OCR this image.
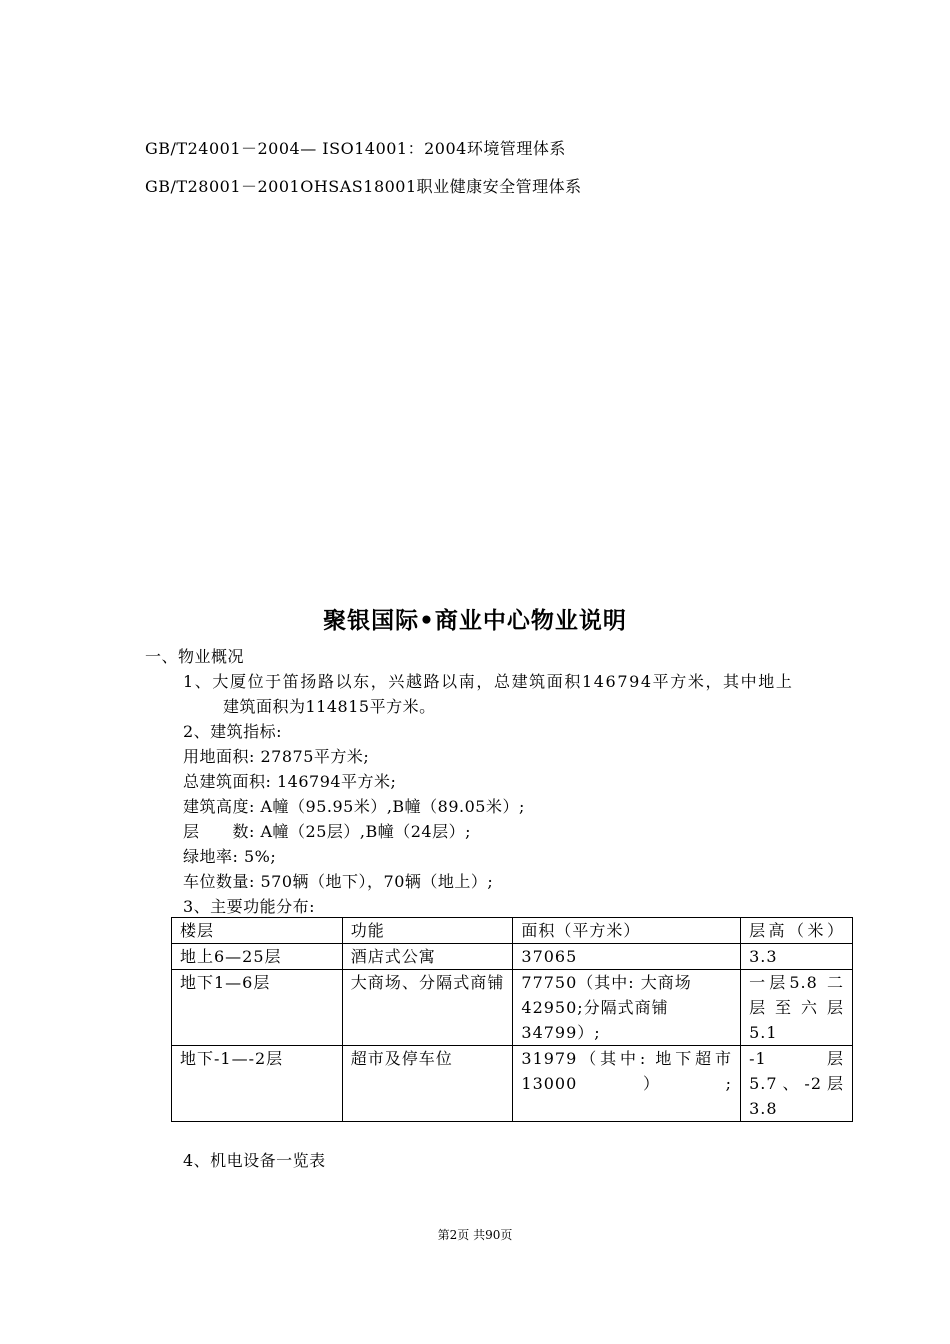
GB/T24001－2004— ISO14001：2004环境管理体系
GB/T28001－2001OHSAS18001职业健康安全管理体系
聚银国际•商业中心物业说明
一、物业概况
1、大厦位于笛扬路以东，兴越路以南，总建筑面积146794平方米，其中地上
建筑面积为114815平方米。
2、建筑指标:
用地面积: 27875平方米;
总建筑面积: 146794平方米;
建筑高度: A幢（95.95米）,B幢（89.05米）;
层　　数: A幢（25层）,B幢（24层）;
绿地率: 5%;
车位数量: 570辆（地下），70辆（地上）;
3、主要功能分布:
楼层	功能	面积（平方米）	层高（米）
地上6—25层	酒店式公寓	37065	3.3
地下1—6层	大商场、分隔式商铺	77750（其中: 大商场42950;分隔式商铺34799）;	一层5.8 二层至六层5.1
地下-1—-2层	超市及停车位	31979（其中: 地下超市13000）;	-1层5.7、-2层3.8
4、机电设备一览表
第2页 共90页
